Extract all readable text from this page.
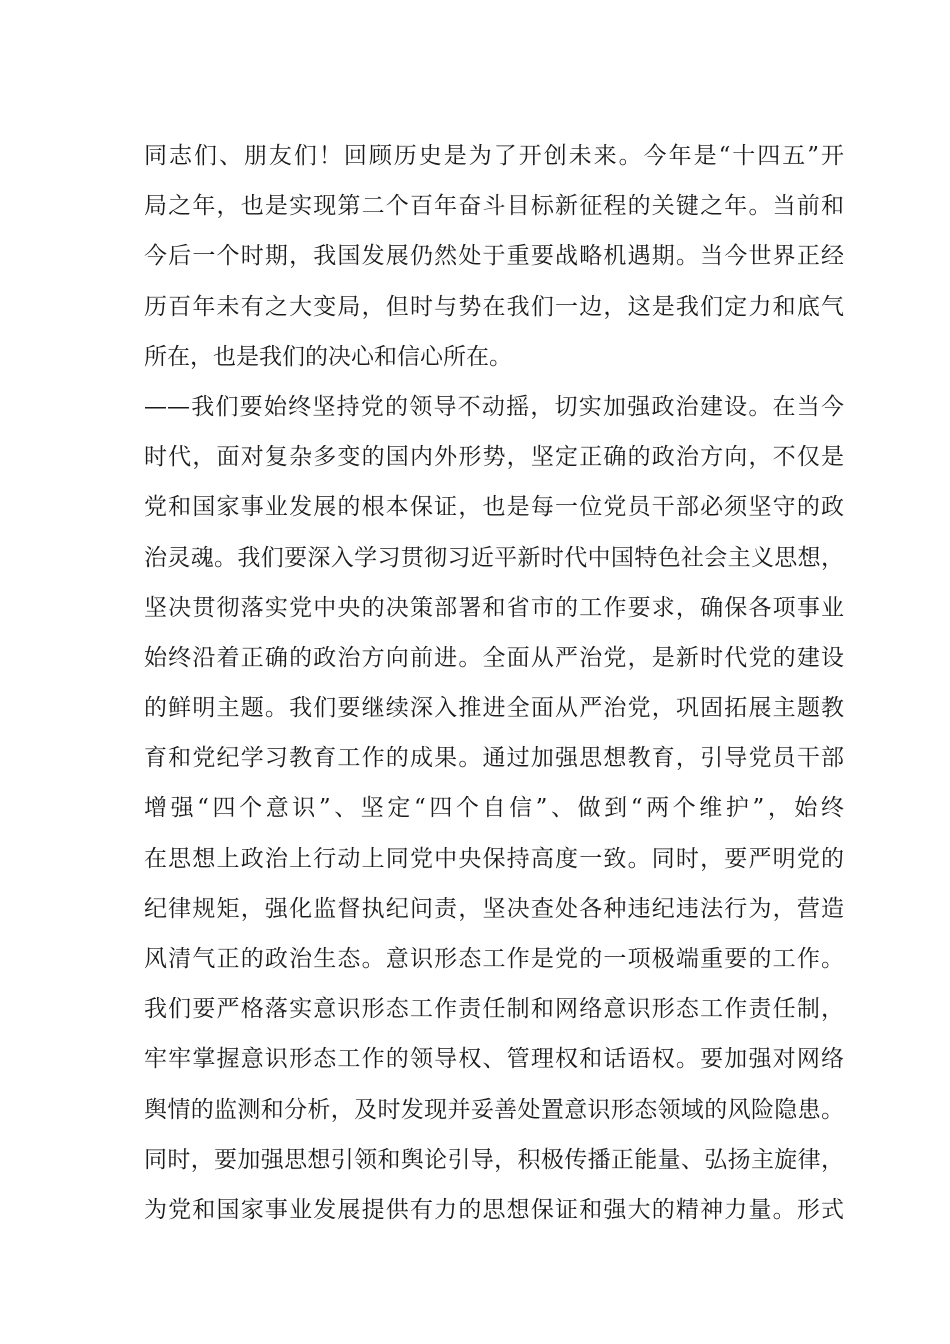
同志们、朋友们！回顾历史是为了开创未来。今年是“十四五”开
局之年，也是实现第二个百年奋斗目标新征程的关键之年。当前和
今后一个时期，我国发展仍然处于重要战略机遇期。当今世界正经
历百年未有之大变局，但时与势在我们一边，这是我们定力和底气
所在，也是我们的决心和信心所在。
——我们要始终坚持党的领导不动摇，切实加强政治建设。在当今
时代，面对复杂多变的国内外形势，坚定正确的政治方向，不仅是
党和国家事业发展的根本保证，也是每一位党员干部必须坚守的政
治灵魂。我们要深入学习贯彻习近平新时代中国特色社会主义思想，
坚决贯彻落实党中央的决策部署和省市的工作要求，确保各项事业
始终沿着正确的政治方向前进。全面从严治党，是新时代党的建设
的鲜明主题。我们要继续深入推进全面从严治党，巩固拓展主题教
育和党纪学习教育工作的成果。通过加强思想教育，引导党员干部
增强“四个意识”、坚定“四个自信”、做到“两个维护”，始终
在思想上政治上行动上同党中央保持高度一致。同时，要严明党的
纪律规矩，强化监督执纪问责，坚决查处各种违纪违法行为，营造
风清气正的政治生态。意识形态工作是党的一项极端重要的工作。
我们要严格落实意识形态工作责任制和网络意识形态工作责任制，
牢牢掌握意识形态工作的领导权、管理权和话语权。要加强对网络
舆情的监测和分析，及时发现并妥善处置意识形态领域的风险隐患。
同时，要加强思想引领和舆论引导，积极传播正能量、弘扬主旋律，
为党和国家事业发展提供有力的思想保证和强大的精神力量。形式
